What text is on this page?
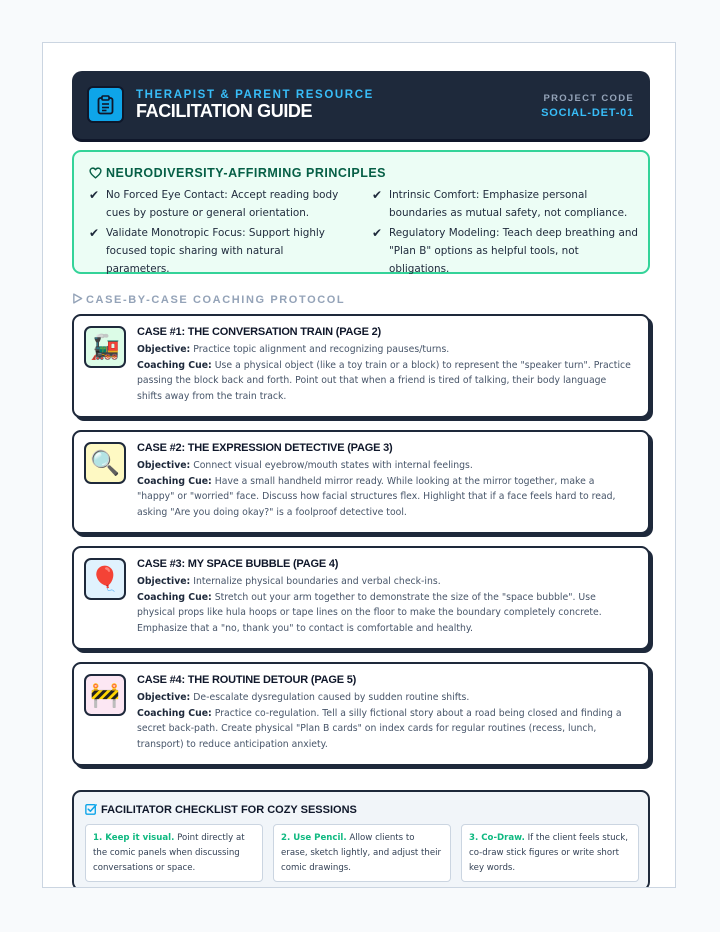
THERAPIST & PARENT RESOURCE
FACILITATION GUIDE
PROJECT CODE
SOCIAL-DET-01
NEURODIVERSITY-AFFIRMING PRINCIPLES
✔ No Forced Eye Contact: Accept reading body cues by posture or general orientation.
✔ Intrinsic Comfort: Emphasize personal boundaries as mutual safety, not compliance.
✔ Validate Monotropic Focus: Support highly focused topic sharing with natural parameters.
✔ Regulatory Modeling: Teach deep breathing and "Plan B" options as helpful tools, not obligations.
CASE-BY-CASE COACHING PROTOCOL
🚂
CASE #1: THE CONVERSATION TRAIN (PAGE 2)
Objective: Practice topic alignment and recognizing pauses/turns.
Coaching Cue: Use a physical object (like a toy train or a block) to represent the "speaker turn". Practice passing the block back and forth. Point out that when a friend is tired of talking, their body language shifts away from the train track.
🔍
CASE #2: THE EXPRESSION DETECTIVE (PAGE 3)
Objective: Connect visual eyebrow/mouth states with internal feelings.
Coaching Cue: Have a small handheld mirror ready. While looking at the mirror together, make a "happy" or "worried" face. Discuss how facial structures flex. Highlight that if a face feels hard to read, asking "Are you doing okay?" is a foolproof detective tool.
🎈
CASE #3: MY SPACE BUBBLE (PAGE 4)
Objective: Internalize physical boundaries and verbal check-ins.
Coaching Cue: Stretch out your arm together to demonstrate the size of the "space bubble". Use physical props like hula hoops or tape lines on the floor to make the boundary completely concrete. Emphasize that a "no, thank you" to contact is comfortable and healthy.
🚧
CASE #4: THE ROUTINE DETOUR (PAGE 5)
Objective: De-escalate dysregulation caused by sudden routine shifts.
Coaching Cue: Practice co-regulation. Tell a silly fictional story about a road being closed and finding a secret back-path. Create physical "Plan B cards" on index cards for regular routines (recess, lunch, transport) to reduce anticipation anxiety.
FACILITATOR CHECKLIST FOR COZY SESSIONS
1. Keep it visual. Point directly at the comic panels when discussing conversations or space.
2. Use Pencil. Allow clients to erase, sketch lightly, and adjust their comic drawings.
3. Co-Draw. If the client feels stuck, co-draw stick figures or write short key words.
